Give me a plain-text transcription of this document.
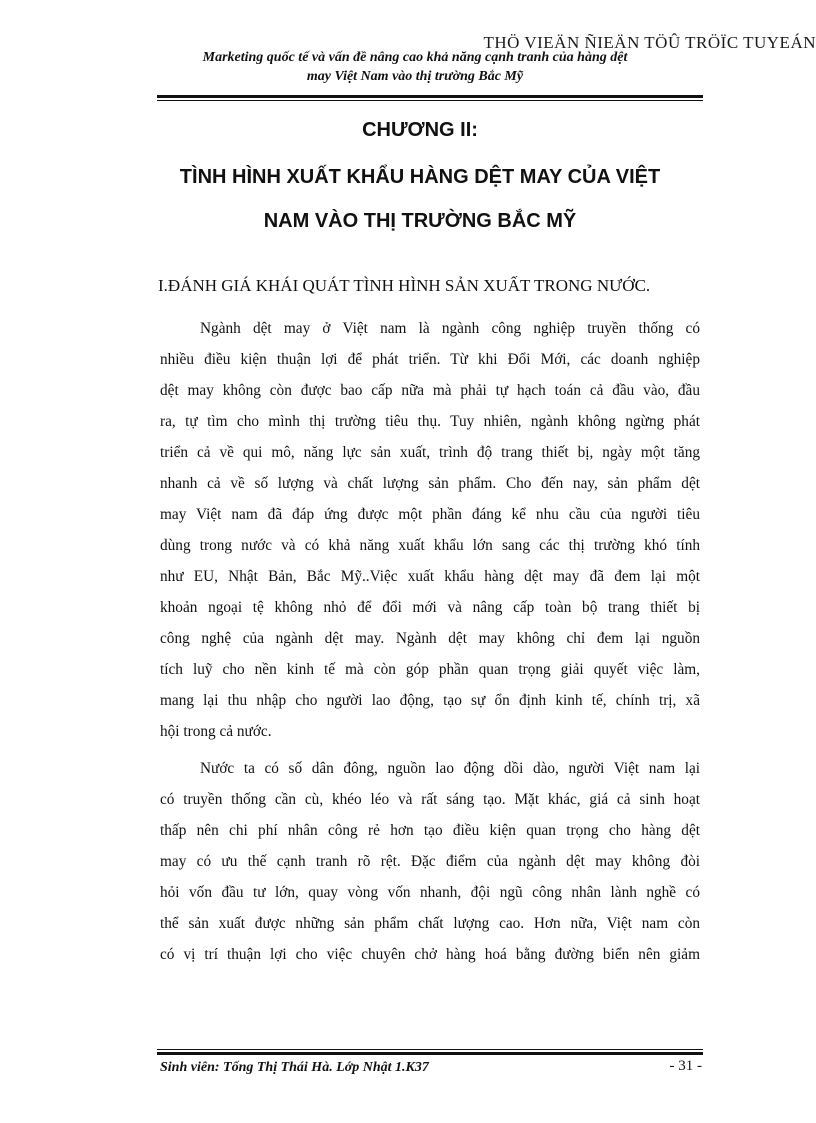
THÖ VIEÄN ÑIEÄN TÖÛ TRÖÏC TUYEÁN
Marketing quốc tế và vấn đề nâng cao khả năng cạnh tranh của hàng dệt
may Việt Nam vào thị trường Bắc Mỹ
CHƯƠNG II:
TÌNH HÌNH XUẤT KHẨU HÀNG DỆT MAY CỦA VIỆT
NAM VÀO THỊ TRƯỜNG BẮC MỸ
I.ĐÁNH GIÁ KHÁI QUÁT TÌNH HÌNH SẢN XUẤT TRONG NƯỚC.
Ngành dệt may ở Việt nam là ngành công nghiệp truyền thống có
nhiều điều kiện thuận lợi để phát triển. Từ khi Đổi Mới, các doanh nghiệp
dệt may không còn được bao cấp nữa mà phải tự hạch toán cả đầu vào, đầu
ra, tự tìm cho mình thị trường tiêu thụ. Tuy nhiên, ngành không ngừng phát
triển cả về qui mô, năng lực sản xuất, trình độ trang thiết bị, ngày một tăng
nhanh cả về số lượng và chất lượng sản phẩm. Cho đến nay, sản phẩm dệt
may Việt nam đã đáp ứng được một phần đáng kể nhu cầu của người tiêu
dùng trong nước và có khả năng xuất khẩu lớn sang các thị trường khó tính
như EU, Nhật Bản, Bắc Mỹ..Việc xuất khẩu hàng dệt may đã đem lại một
khoản ngoại tệ không nhỏ để đổi mới và nâng cấp toàn bộ trang thiết bị
công nghệ của ngành dệt may. Ngành dệt may không chỉ đem lại nguồn
tích luỹ cho nền kinh tế mà còn góp phần quan trọng giải quyết việc làm,
mang lại thu nhập cho người lao động, tạo sự ổn định kinh tế, chính trị, xã
hội trong cả nước.
Nước ta có số dân đông, nguồn lao động dồi dào, người Việt nam lại
có truyền thống cần cù, khéo léo và rất sáng tạo. Mặt khác, giá cả sinh hoạt
thấp nên chi phí nhân công rẻ hơn tạo điều kiện quan trọng cho hàng dệt
may có ưu thế cạnh tranh rõ rệt. Đặc điểm của ngành dệt may không đòi
hỏi vốn đầu tư lớn, quay vòng vốn nhanh, đội ngũ công nhân lành nghề có
thể sản xuất được những sản phẩm chất lượng cao. Hơn nữa, Việt nam còn
có vị trí thuận lợi cho việc chuyên chở hàng hoá bằng đường biển nên giảm
Sinh viên: Tống Thị Thái Hà. Lớp Nhật 1.K37	- 31 -
